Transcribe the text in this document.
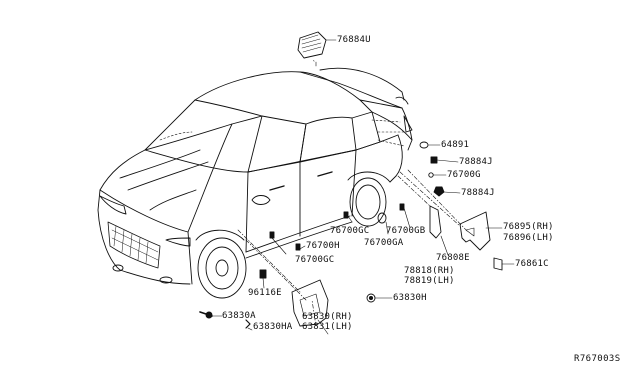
76884U
64891
78884J
76700G
78884J
76895(RH)
76896(LH)
76808E
76861C
76700GB
76700GC
76700H	76700GA
76700GC
78818(RH)
78819(LH)
96116E	63830H
63830A	63830(RH)
63831(LH)
63830HA
R767003S
